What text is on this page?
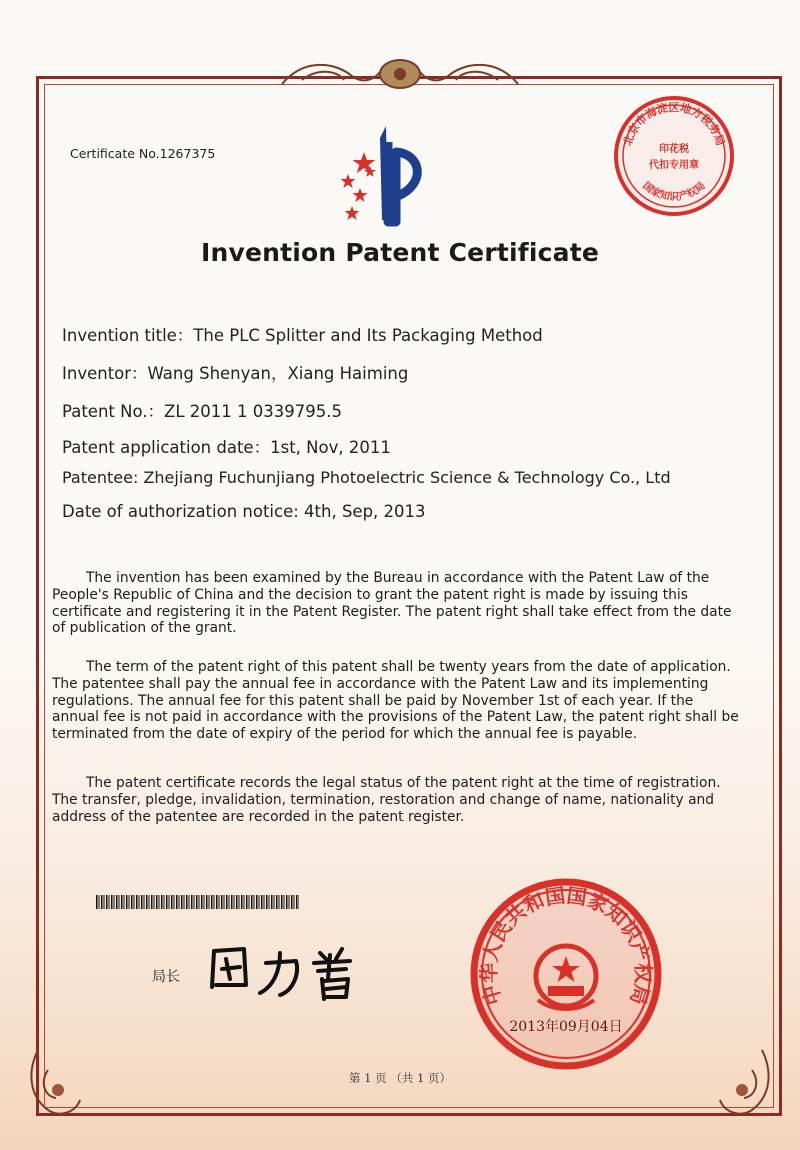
Certificate No.1267375
Invention Patent Certificate
Invention title：The PLC Splitter and Its Packaging Method
Inventor：Wang Shenyan，Xiang Haiming
Patent No.：ZL 2011 1 0339795.5
Patent application date：1st, Nov, 2011
Patentee: Zhejiang Fuchunjiang Photoelectric Science & Technology Co., Ltd
Date of authorization notice: 4th, Sep, 2013
The invention has been examined by the Bureau in accordance with the Patent Law of the People's Republic of China and the decision to grant the patent right is made by issuing this certificate and registering it in the Patent Register. The patent right shall take effect from the date of publication of the grant.
The term of the patent right of this patent shall be twenty years from the date of application. The patentee shall pay the annual fee in accordance with the Patent Law and its implementing regulations. The annual fee for this patent shall be paid by November 1st of each year. If the annual fee is not paid in accordance with the provisions of the Patent Law, the patent right shall be terminated from the date of expiry of the period for which the annual fee is payable.
The patent certificate records the legal status of the patent right at the time of registration. The transfer, pledge, invalidation, termination, restoration and change of name, nationality and address of the patentee are recorded in the patent register.
局长
中华人民共和国国家知识产权局
2013年09月04日
北京市海淀区地方税务局
国家知识产权局
印花税
代扣专用章
第 1 页 （共 1 页）
